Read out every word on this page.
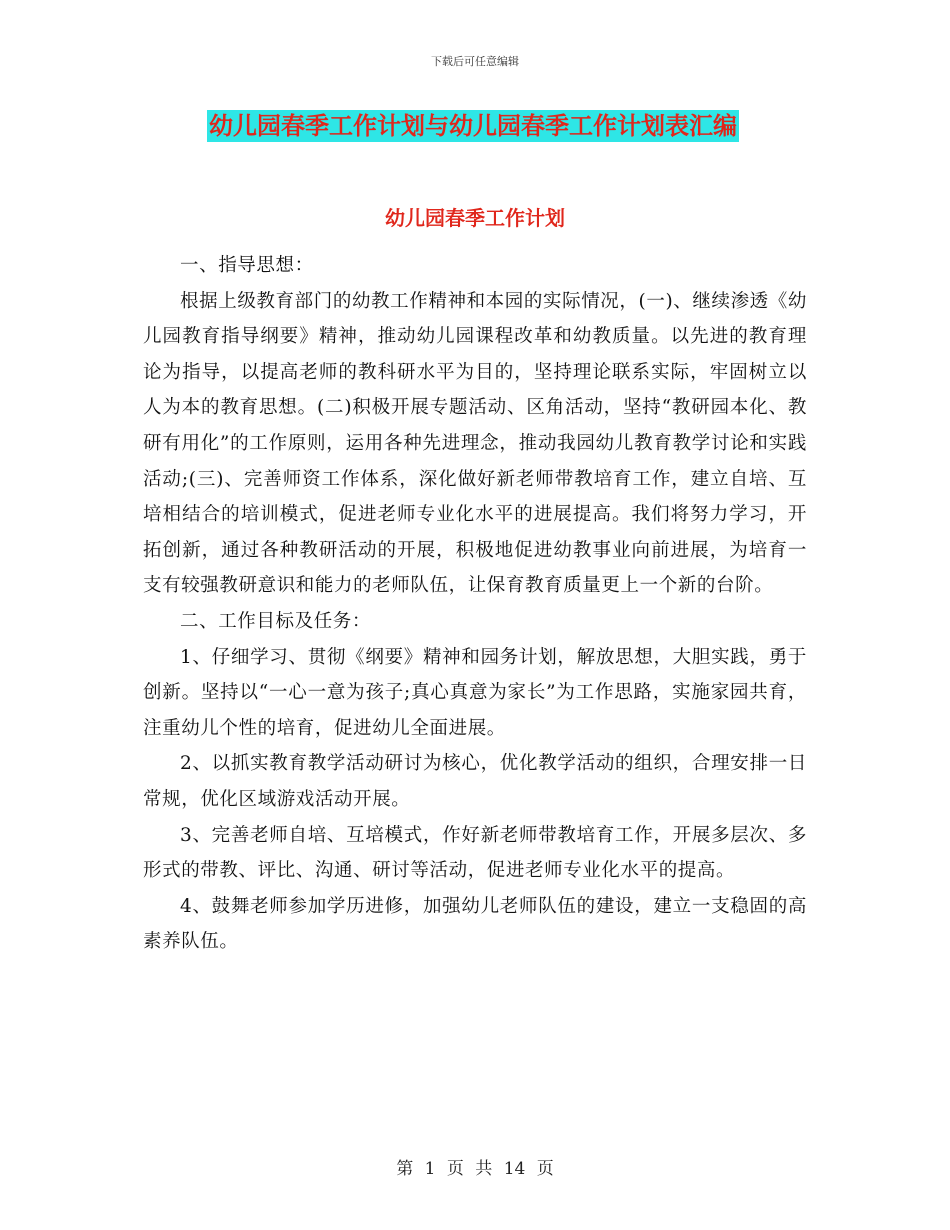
下载后可任意编辑
幼儿园春季工作计划与幼儿园春季工作计划表汇编
幼儿园春季工作计划

一、指导思想：

根据上级教育部门的幼教工作精神和本园的实际情况，(一)、继续渗透《幼儿园教育指导纲要》精神，推动幼儿园课程改革和幼教质量。以先进的教育理论为指导，以提高老师的教科研水平为目的，坚持理论联系实际，牢固树立以人为本的教育思想。(二)积极开展专题活动、区角活动，坚持“教研园本化、教研有用化”的工作原则，运用各种先进理念，推动我园幼儿教育教学讨论和实践活动;(三)、完善师资工作体系，深化做好新老师带教培育工作，建立自培、互培相结合的培训模式，促进老师专业化水平的进展提高。我们将努力学习，开拓创新，通过各种教研活动的开展，积极地促进幼教事业向前进展，为培育一支有较强教研意识和能力的老师队伍，让保育教育质量更上一个新的台阶。

二、工作目标及任务：

1、仔细学习、贯彻《纲要》精神和园务计划，解放思想，大胆实践，勇于创新。坚持以“一心一意为孩子;真心真意为家长”为工作思路，实施家园共育，注重幼儿个性的培育，促进幼儿全面进展。

2、以抓实教育教学活动研讨为核心，优化教学活动的组织，合理安排一日常规，优化区域游戏活动开展。

3、完善老师自培、互培模式，作好新老师带教培育工作，开展多层次、多形式的带教、评比、沟通、研讨等活动，促进老师专业化水平的提高。

4、鼓舞老师参加学历进修，加强幼儿老师队伍的建设，建立一支稳固的高素养队伍。

第 1 页 共 14 页
